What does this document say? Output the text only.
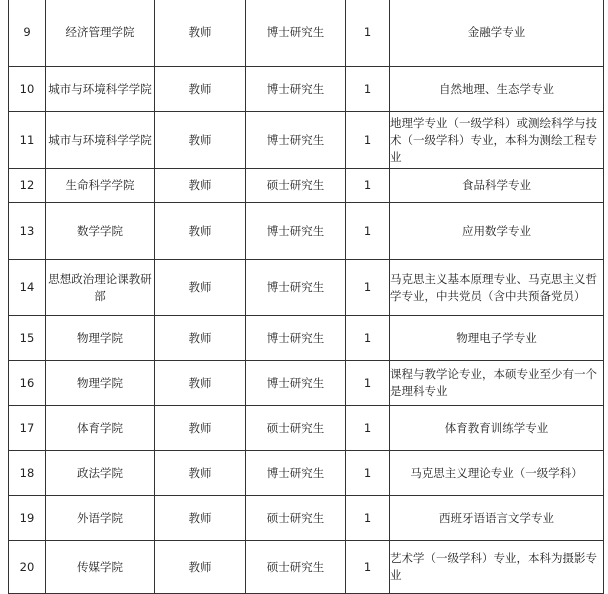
9	经济管理学院	教师	博士研究生	1	金融学专业
10	城市与环境科学学院	教师	博士研究生	1	自然地理、生态学专业
11	城市与环境科学学院	教师	博士研究生	1	地理学专业（一级学科）或测绘科学与技术（一级学科）专业，本科为测绘工程专业
12	生命科学学院	教师	硕士研究生	1	食品科学专业
13	数学学院	教师	博士研究生	1	应用数学专业
14	思想政治理论课教研部	教师	博士研究生	1	马克思主义基本原理专业、马克思主义哲学专业，中共党员（含中共预备党员）
15	物理学院	教师	博士研究生	1	物理电子学专业
16	物理学院	教师	博士研究生	1	课程与教学论专业，本硕专业至少有一个是理科专业
17	体育学院	教师	硕士研究生	1	体育教育训练学专业
18	政法学院	教师	博士研究生	1	马克思主义理论专业（一级学科）
19	外语学院	教师	硕士研究生	1	西班牙语语言文学专业
20	传媒学院	教师	硕士研究生	1	艺术学（一级学科）专业，本科为摄影专业
